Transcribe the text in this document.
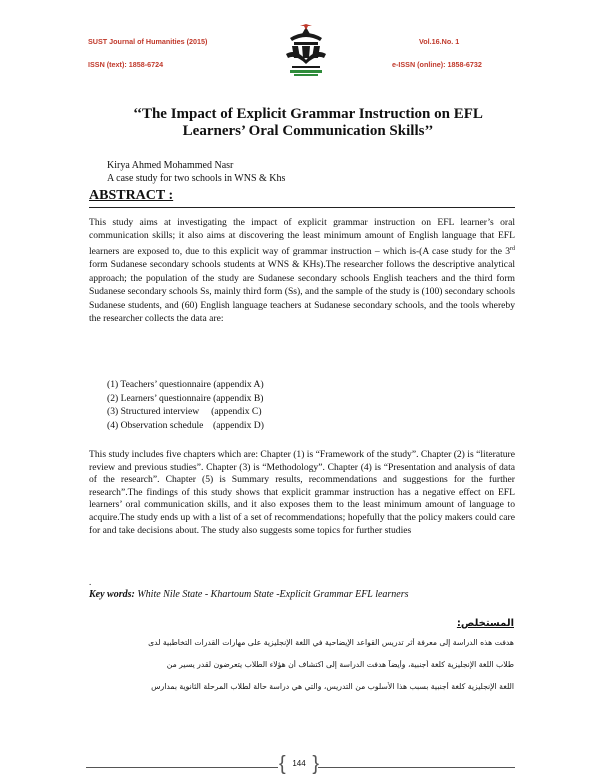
SUST Journal of Humanities (2015)	Vol.16.No. 1
ISSN (text): 1858-6724	e-ISSN (online): 1858-6732
‘‘The Impact of Explicit Grammar Instruction on EFL Learners’ Oral Communication Skills’’
Kirya Ahmed Mohammed Nasr
A case study for two schools in WNS & Khs
ABSTRACT :
This study aims at investigating the impact of explicit grammar instruction on EFL learner’s oral communication skills; it also aims at discovering the least minimum amount of English language that EFL learners are exposed to, due to this explicit way of grammar instruction – which is-(A case study for the 3rd form Sudanese secondary schools students at WNS & KHs).The researcher follows the descriptive analytical approach; the population of the study are Sudanese secondary schools English teachers and the third form Sudanese secondary schools Ss, mainly third form (Ss), and the sample of the study is (100) secondary schools Sudanese students, and (60) English language teachers at Sudanese secondary schools, and the tools whereby the researcher collects the data are:
(1) Teachers’ questionnaire (appendix A)
(2) Learners’ questionnaire (appendix B)
(3) Structured interview     (appendix C)
(4) Observation schedule    (appendix D)
This study includes five chapters which are: Chapter (1) is “Framework of the study”. Chapter (2) is “literature review and previous studies”. Chapter (3) is “Methodology”. Chapter (4) is “Presentation and analysis of data of the research”. Chapter (5) is Summary results, recommendations and suggestions for the further research”.The findings of this study shows that explicit grammar instruction has a negative effect on EFL learners’ oral communication skills, and it also exposes them to the least minimum amount of language to acquire.The study ends up with a list of a set of recommendations; hopefully that the policy makers could care for and take decisions about. The study also suggests some topics for further studies
.
Key words: White Nile State - Khartoum State -Explicit Grammar EFL learners
المستخلص:
هدفت هذه الدراسة إلى معرفة أثر تدريس القواعد الإيضاحية في اللغة الإنجليزية على مهارات القدرات التخاطبية لدى
طلاب اللغة الإنجليزية كلغة أجنبية، وأيضاً هدفت الدراسة إلى اكتشاف أن هؤلاء الطلاب يتعرضون لقدر يسير من
اللغة الإنجليزية كلغة أجنبية بسبب هذا الأسلوب من التدريس، والتي هي دراسة حالة لطلاب المرحلة الثانوية بمدارس
{ 144 }
